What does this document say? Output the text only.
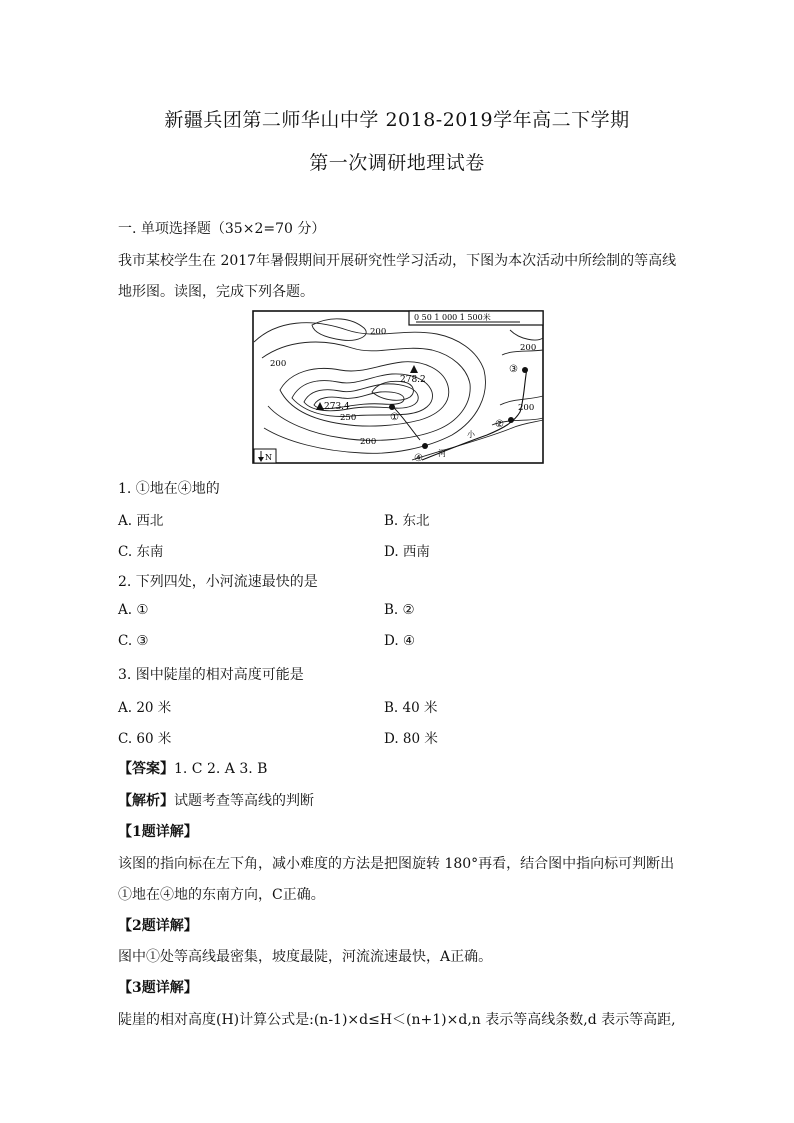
新疆兵团第二师华山中学 2018-2019学年高二下学期
第一次调研地理试卷
一. 单项选择题（35×2=70 分）
我市某校学生在 2017年暑假期间开展研究性学习活动，下图为本次活动中所绘制的等高线
地形图。读图，完成下列各题。
0 50 1 000 1 500米
278.2
273.4
200
200
250
200
200
200
①
②
③
④
小
河
N
1. ①地在④地的
A. 西北	B. 东北
C. 东南	D. 西南
2. 下列四处，小河流速最快的是
A. ①	B. ②
C. ③	D. ④
3. 图中陡崖的相对高度可能是
A. 20 米	B. 40 米
C. 60 米	D. 80 米
【答案】1. C 2. A 3. B
【解析】试题考查等高线的判断
【1题详解】
该图的指向标在左下角，减小难度的方法是把图旋转 180°再看，结合图中指向标可判断出
①地在④地的东南方向，C正确。
【2题详解】
图中①处等高线最密集，坡度最陡，河流流速最快，A正确。
【3题详解】
陡崖的相对高度(H)计算公式是:(n-1)×d≤H＜(n+1)×d,n 表示等高线条数,d 表示等高距,
